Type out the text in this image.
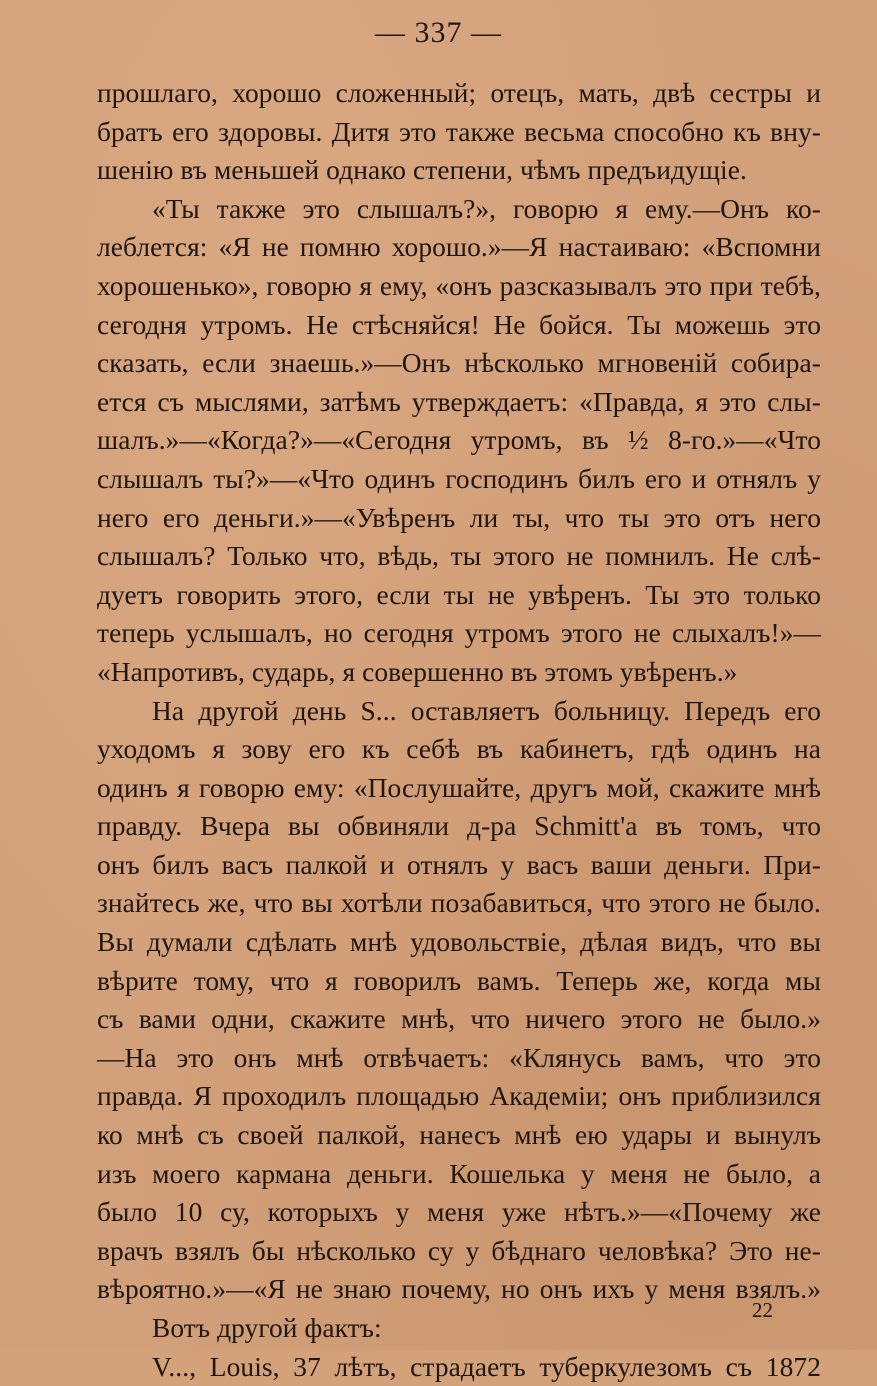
— 337 —
прошлаго, хорошо сложенный; отецъ, мать, двѣ сестры и
братъ его здоровы. Дитя это также весьма способно къ вну-
шенію въ меньшей однако степени, чѣмъ предъидущіе.
«Ты также это слышалъ?», говорю я ему.—Онъ ко-
леблется: «Я не помню хорошо.»—Я настаиваю: «Вспомни
хорошенько», говорю я ему, «онъ разсказывалъ это при тебѣ,
сегодня утромъ. Не стѣсняйся! Не бойся. Ты можешь это
сказать, если знаешь.»—Онъ нѣсколько мгновеній собира-
ется съ мыслями, затѣмъ утверждаетъ: «Правда, я это слы-
шалъ.»—«Когда?»—«Сегодня утромъ, въ ½ 8-го.»—«Что
слышалъ ты?»—«Что одинъ господинъ билъ его и отнялъ у
него его деньги.»—«Увѣренъ ли ты, что ты это отъ него
слышалъ? Только что, вѣдь, ты этого не помнилъ. Не слѣ-
дуетъ говорить этого, если ты не увѣренъ. Ты это только
теперь услышалъ, но сегодня утромъ этого не слыхалъ!»—
«Напротивъ, сударь, я совершенно въ этомъ увѣренъ.»
На другой день S... оставляетъ больницу. Передъ его
уходомъ я зову его къ себѣ въ кабинетъ, гдѣ одинъ на
одинъ я говорю ему: «Послушайте, другъ мой, скажите мнѣ
правду. Вчера вы обвиняли д-ра Schmitt'а въ томъ, что
онъ билъ васъ палкой и отнялъ у васъ ваши деньги. При-
знайтесь же, что вы хотѣли позабавиться, что этого не было.
Вы думали сдѣлать мнѣ удовольствіе, дѣлая видъ, что вы
вѣрите тому, что я говорилъ вамъ. Теперь же, когда мы
съ вами одни, скажите мнѣ, что ничего этого не было.»
—На это онъ мнѣ отвѣчаетъ: «Клянусь вамъ, что это
правда. Я проходилъ площадью Академіи; онъ приблизился
ко мнѣ съ своей палкой, нанесъ мнѣ ею удары и вынулъ
изъ моего кармана деньги. Кошелька у меня не было, а
было 10 су, которыхъ у меня уже нѣтъ.»—«Почему же
врачъ взялъ бы нѣсколько су у бѣднаго человѣка? Это не-
вѣроятно.»—«Я не знаю почему, но онъ ихъ у меня взялъ.»
Вотъ другой фактъ:
V..., Louis, 37 лѣтъ, страдаетъ туберкулезомъ съ 1872
22
